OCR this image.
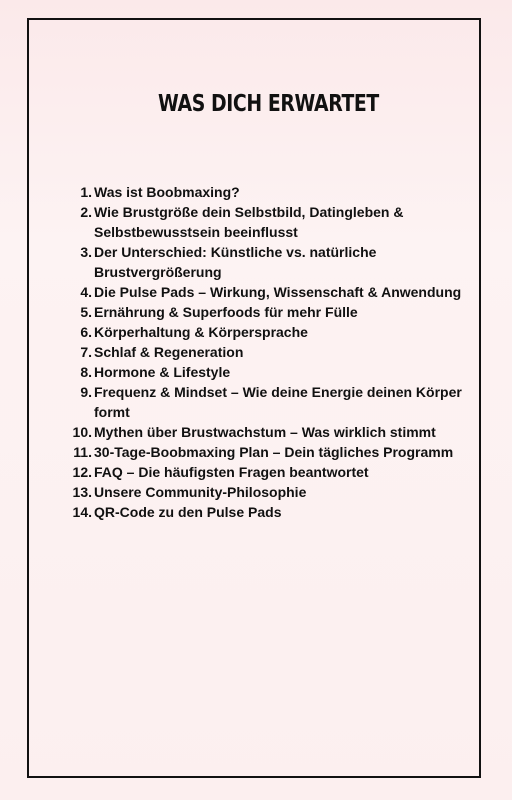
WAS DICH ERWARTET
1. Was ist Boobmaxing?
2. Wie Brustgröße dein Selbstbild, Datingleben & Selbstbewusstsein beeinflusst
3. Der Unterschied: Künstliche vs. natürliche Brustvergrößerung
4. Die Pulse Pads – Wirkung, Wissenschaft & Anwendung
5. Ernährung & Superfoods für mehr Fülle
6. Körperhaltung & Körpersprache
7. Schlaf & Regeneration
8. Hormone & Lifestyle
9. Frequenz & Mindset – Wie deine Energie deinen Körper formt
10. Mythen über Brustwachstum – Was wirklich stimmt
11. 30-Tage-Boobmaxing Plan – Dein tägliches Programm
12. FAQ – Die häufigsten Fragen beantwortet
13. Unsere Community-Philosophie
14. QR-Code zu den Pulse Pads
